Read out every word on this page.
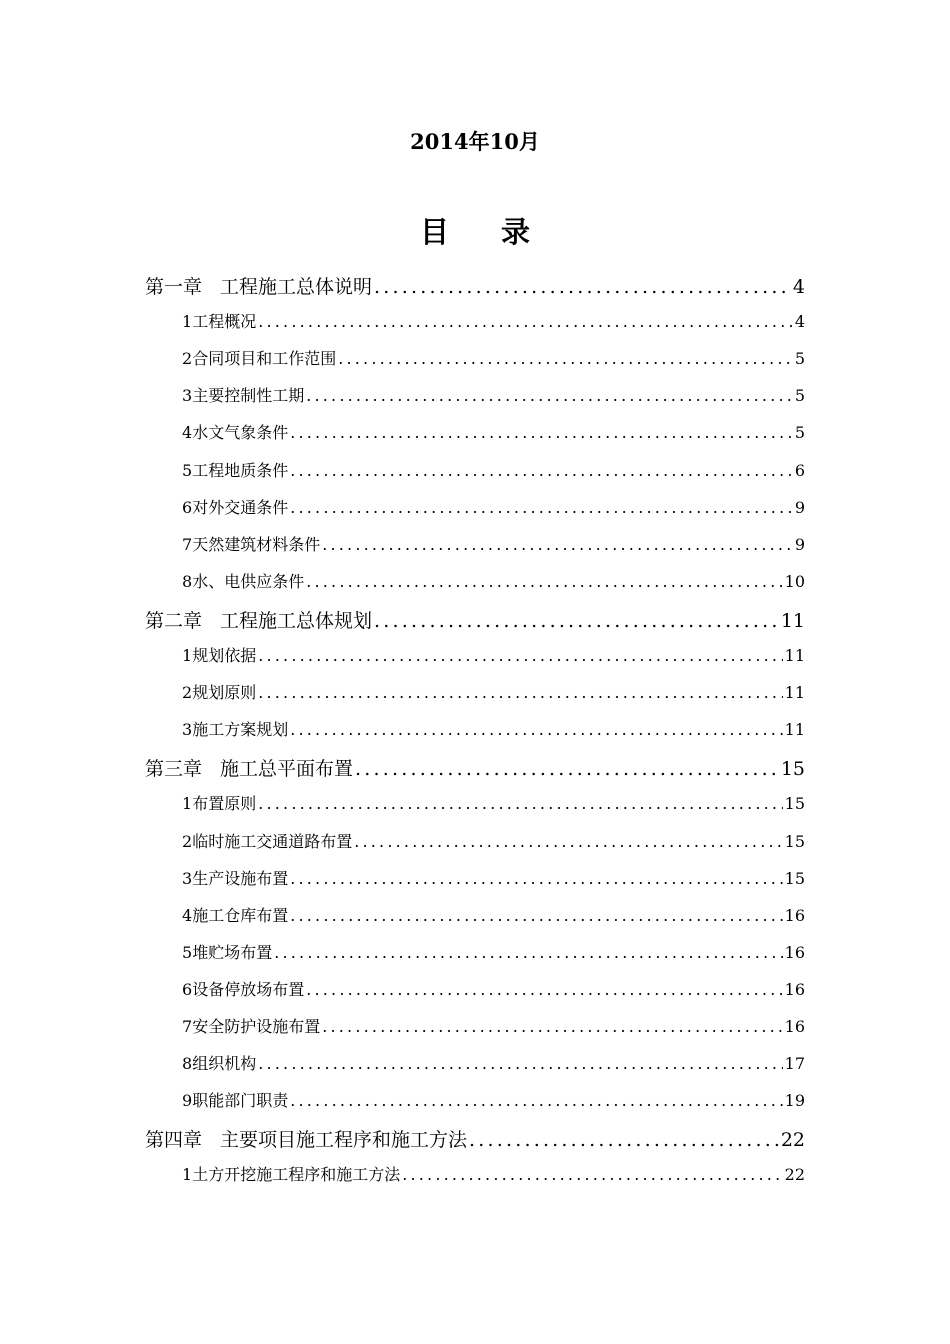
2014年10月
目录
第一章 工程施工总体说明 .....	4
1工程概况 .....	4
2合同项目和工作范围 .....	5
3主要控制性工期 .....	5
4水文气象条件 .....	5
5工程地质条件 .....	6
6对外交通条件 .....	9
7天然建筑材料条件 .....	9
8水、电供应条件 .....	10
第二章 工程施工总体规划 .....	11
1规划依据 .....	11
2规划原则 .....	11
3施工方案规划 .....	11
第三章 施工总平面布置 .....	15
1布置原则 .....	15
2临时施工交通道路布置 .....	15
3生产设施布置 .....	15
4施工仓库布置 .....	16
5堆贮场布置 .....	16
6设备停放场布置 .....	16
7安全防护设施布置 .....	16
8组织机构 .....	17
9职能部门职责 .....	19
第四章 主要项目施工程序和施工方法 .....	22
1土方开挖施工程序和施工方法 .....	22
